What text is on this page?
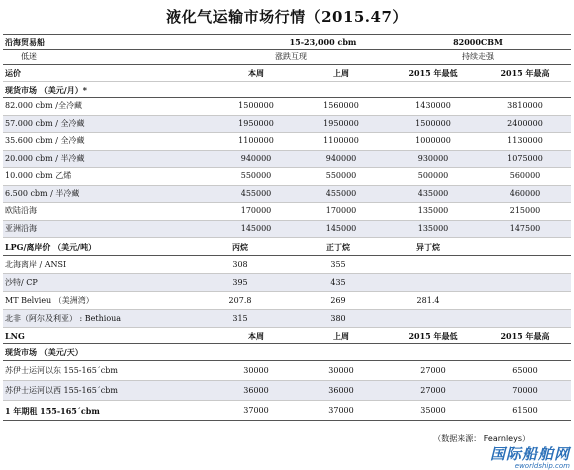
液化气运输市场行情（2015.47）
沿海贸易船	15-23,000 cbm	82000CBM
低迷	涨跌互现	持续走强
运价	本周	上周	2015 年最低	2015 年最高
现货市场 （美元/月）*
82.000 cbm /全冷藏	1500000	1560000	1430000	3810000
57.000 cbm / 全冷藏	1950000	1950000	1500000	2400000
35.600 cbm / 全冷藏	1100000	1100000	1000000	1130000
20.000 cbm / 半冷藏	940000	940000	930000	1075000
10.000 cbm 乙烯	550000	550000	500000	560000
6.500 cbm / 半冷藏	455000	455000	435000	460000
欧陆沿海	170000	170000	135000	215000
亚洲沿海	145000	145000	135000	147500
LPG/离岸价 （美元/吨）	丙烷	正丁烷	异丁烷
北海离岸 / ANSI	308	355
沙特/ CP	395	435
MT Belvieu （美洲湾）	207.8	269	281.4
北非（阿尔及利亚） : Bethioua	315	380
LNG	本周	上周	2015 年最低	2015 年最高
现货市场 （美元/天）
苏伊士运河以东 155-165´cbm	30000	30000	27000	65000
苏伊士运河以西 155-165´cbm	36000	36000	27000	70000
1 年期租 155-165´cbm	37000	37000	35000	61500
（数据来源： Fearnleys）
国际船舶网
eworldship.com
